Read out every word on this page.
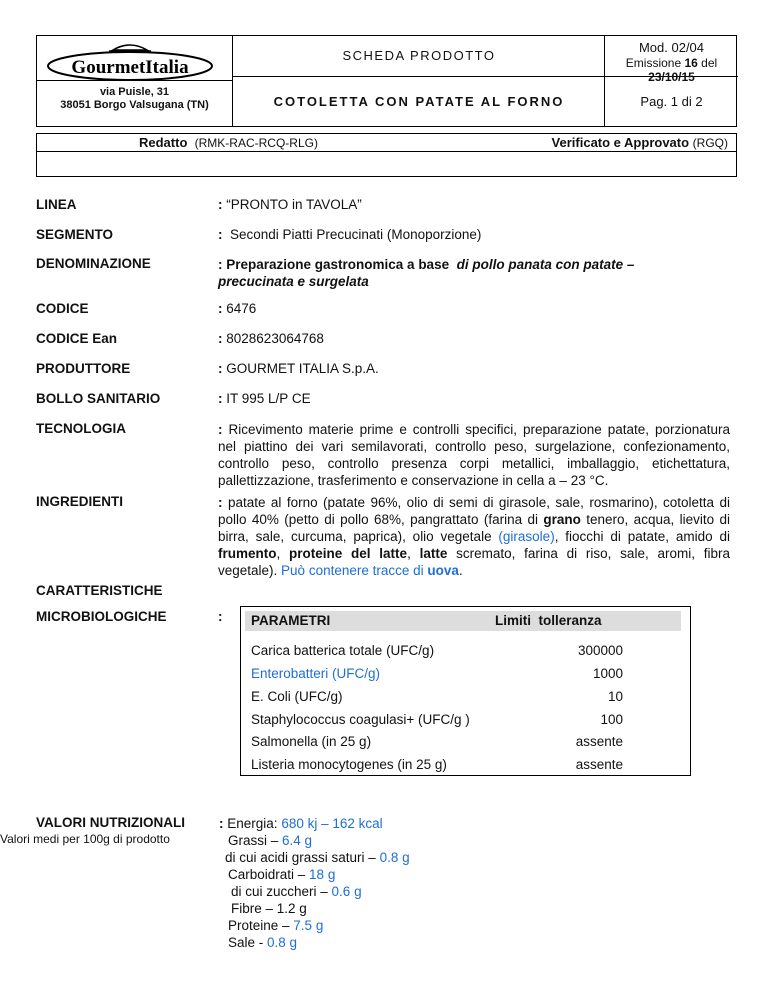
GourmetItalia
via Puisle, 31
38051 Borgo Valsugana (TN)
SCHEDA PRODOTTO
COTOLETTA CON PATATE AL FORNO
Mod. 02/04
Emissione 16 del 23/10/15
Pag. 1 di 2
Redatto (RMK-RAC-RCQ-RLG)	Verificato e Approvato (RGQ)
LINEA	: “PRONTO in TAVOLA”
SEGMENTO	: Secondi Piatti Precucinati (Monoporzione)
DENOMINAZIONE	: Preparazione gastronomica a base di pollo panata con patate –
precucinata e surgelata
CODICE	: 6476
CODICE Ean	: 8028623064768
PRODUTTORE	: GOURMET ITALIA S.p.A.
BOLLO SANITARIO	: IT 995 L/P CE
TECNOLOGIA	: Ricevimento materie prime e controlli specifici, preparazione patate, porzionatura nel piattino dei vari semilavorati, controllo peso, surgelazione, confezionamento, controllo peso, controllo presenza corpi metallici, imballaggio, etichettatura, pallettizzazione, trasferimento e conservazione in cella a – 23 °C.
INGREDIENTI	: patate al forno (patate 96%, olio di semi di girasole, sale, rosmarino), cotoletta di pollo 40% (petto di pollo 68%, pangrattato (farina di grano tenero, acqua, lievito di birra, sale, curcuma, paprica), olio vegetale (girasole), fiocchi di patate, amido di frumento, proteine del latte, latte scremato, farina di riso, sale, aromi, fibra vegetale). Può contenere tracce di uova.
CARATTERISTICHE
MICROBIOLOGICHE	: PARAMETRI	Limiti  tolleranza
Carica batterica totale (UFC/g)	300000
Enterobatteri (UFC/g)	1000
E. Coli (UFC/g)	10
Staphylococcus coagulasi+ (UFC/g )	100
Salmonella (in 25 g)	assente
Listeria monocytogenes (in 25 g)	assente
VALORI NUTRIZIONALI
Valori medi per 100g di prodotto
: Energia: 680 kj – 162 kcal
Grassi – 6.4 g
di cui acidi grassi saturi – 0.8 g
Carboidrati – 18 g
di cui zuccheri – 0.6 g
Fibre – 1.2 g
Proteine – 7.5 g
Sale - 0.8 g
